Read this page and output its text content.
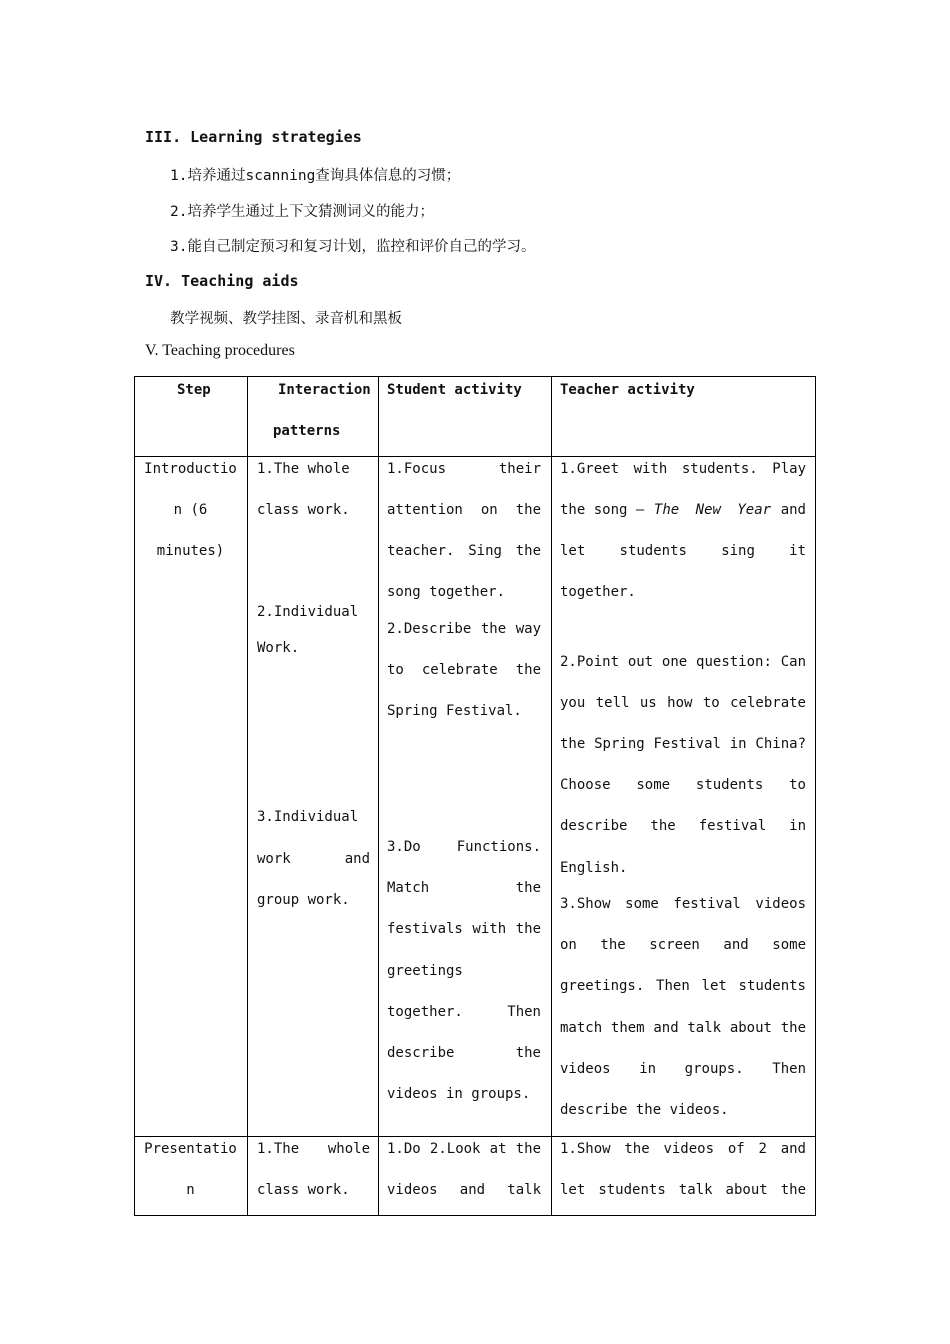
III. Learning strategies
1.培养通过scanning查询具体信息的习惯；
2.培养学生通过上下文猜测词义的能力；
3.能自己制定预习和复习计划，监控和评价自己的学习。
IV. Teaching aids
教学视频、教学挂图、录音机和黑板
V. Teaching procedures
Step	Interaction
patterns
Student activity	Teacher activity
Introductio
n (6
minutes)
1.The whole
class work.
2.Individual
Work.
3.Individual
work and
group work.
1.Focus their
attention on the
teacher. Sing the
song together.
2.Describe the way
to celebrate the
Spring Festival.
3.Do Functions.
Match the
festivals with the
greetings
together. Then
describe the
videos in groups.
1.Greet with students. Play
the song — The New Year and
let students sing it
together.
2.Point out one question: Can
you tell us how to celebrate
the Spring Festival in China?
Choose some students to
describe the festival in
English.
3.Show some festival videos
on the screen and some
greetings. Then let students
match them and talk about the
videos in groups. Then
describe the videos.
Presentatio
n
1.The whole
class work.
1.Do 2.Look at the
videos and talk
1.Show the videos of 2 and
let students talk about the
